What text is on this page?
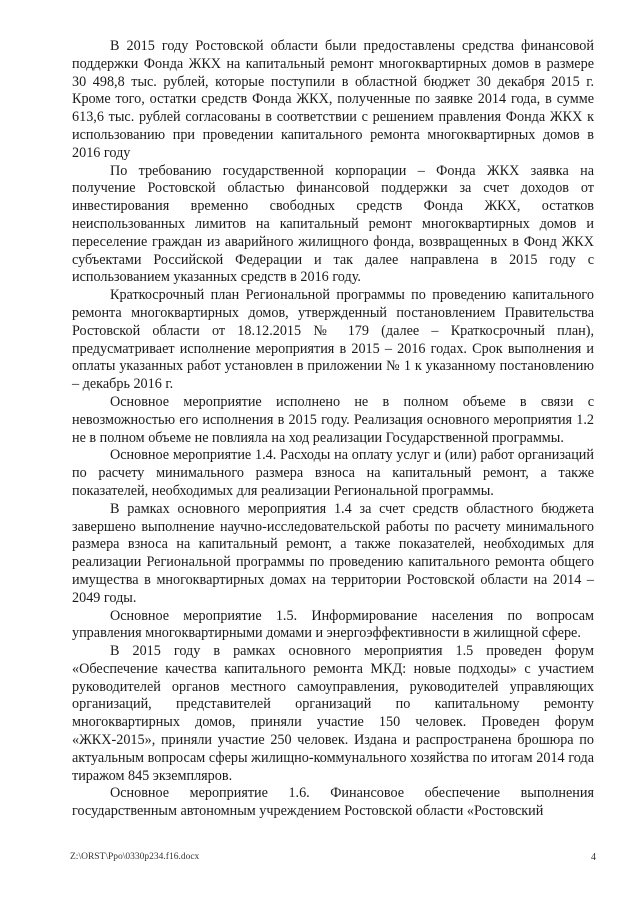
В 2015 году Ростовской области были предоставлены средства финансовой поддержки Фонда ЖКХ на капитальный ремонт многоквартирных домов в размере 30 498,8 тыс. рублей, которые поступили в областной бюджет 30 декабря 2015 г. Кроме того, остатки средств Фонда ЖКХ, полученные по заявке 2014 года, в сумме 613,6 тыс. рублей согласованы в соответствии с решением правления Фонда ЖКХ к использованию при проведении капитального ремонта многоквартирных домов в 2016 году

По требованию государственной корпорации – Фонда ЖКХ заявка на получение Ростовской областью финансовой поддержки за счет доходов от инвестирования временно свободных средств Фонда ЖКХ, остатков неиспользованных лимитов на капитальный ремонт многоквартирных домов и переселение граждан из аварийного жилищного фонда, возвращенных в Фонд ЖКХ субъектами Российской Федерации и так далее направлена в 2015 году с использованием указанных средств в 2016 году.

Краткосрочный план Региональной программы по проведению капитального ремонта многоквартирных домов, утвержденный постановлением Правительства Ростовской области от 18.12.2015 № 179 (далее – Краткосрочный план), предусматривает исполнение мероприятия в 2015 – 2016 годах. Срок выполнения и оплаты указанных работ установлен в приложении № 1 к указанному постановлению – декабрь 2016 г.

Основное мероприятие исполнено не в полном объеме в связи с невозможностью его исполнения в 2015 году. Реализация основного мероприятия 1.2 не в полном объеме не повлияла на ход реализации Государственной программы.

Основное мероприятие 1.4. Расходы на оплату услуг и (или) работ организаций по расчету минимального размера взноса на капитальный ремонт, а также показателей, необходимых для реализации Региональной программы.

В рамках основного мероприятия 1.4 за счет средств областного бюджета завершено выполнение научно-исследовательской работы по расчету минимального размера взноса на капитальный ремонт, а также показателей, необходимых для реализации Региональной программы по проведению капитального ремонта общего имущества в многоквартирных домах на территории Ростовской области на 2014 – 2049 годы.

Основное мероприятие 1.5. Информирование населения по вопросам управления многоквартирными домами и энергоэффективности в жилищной сфере.

В 2015 году в рамках основного мероприятия 1.5 проведен форум «Обеспечение качества капитального ремонта МКД: новые подходы» с участием руководителей органов местного самоуправления, руководителей управляющих организаций, представителей организаций по капитальному ремонту многоквартирных домов, приняли участие 150 человек. Проведен форум «ЖКХ-2015», приняли участие 250 человек. Издана и распространена брошюра по актуальным вопросам сферы жилищно-коммунального хозяйства по итогам 2014 года тиражом 845 экземпляров.

Основное мероприятие 1.6. Финансовое обеспечение выполнения государственным автономным учреждением Ростовской области «Ростовский

Z:\ORST\Ppo\0330p234.f16.docx	4
